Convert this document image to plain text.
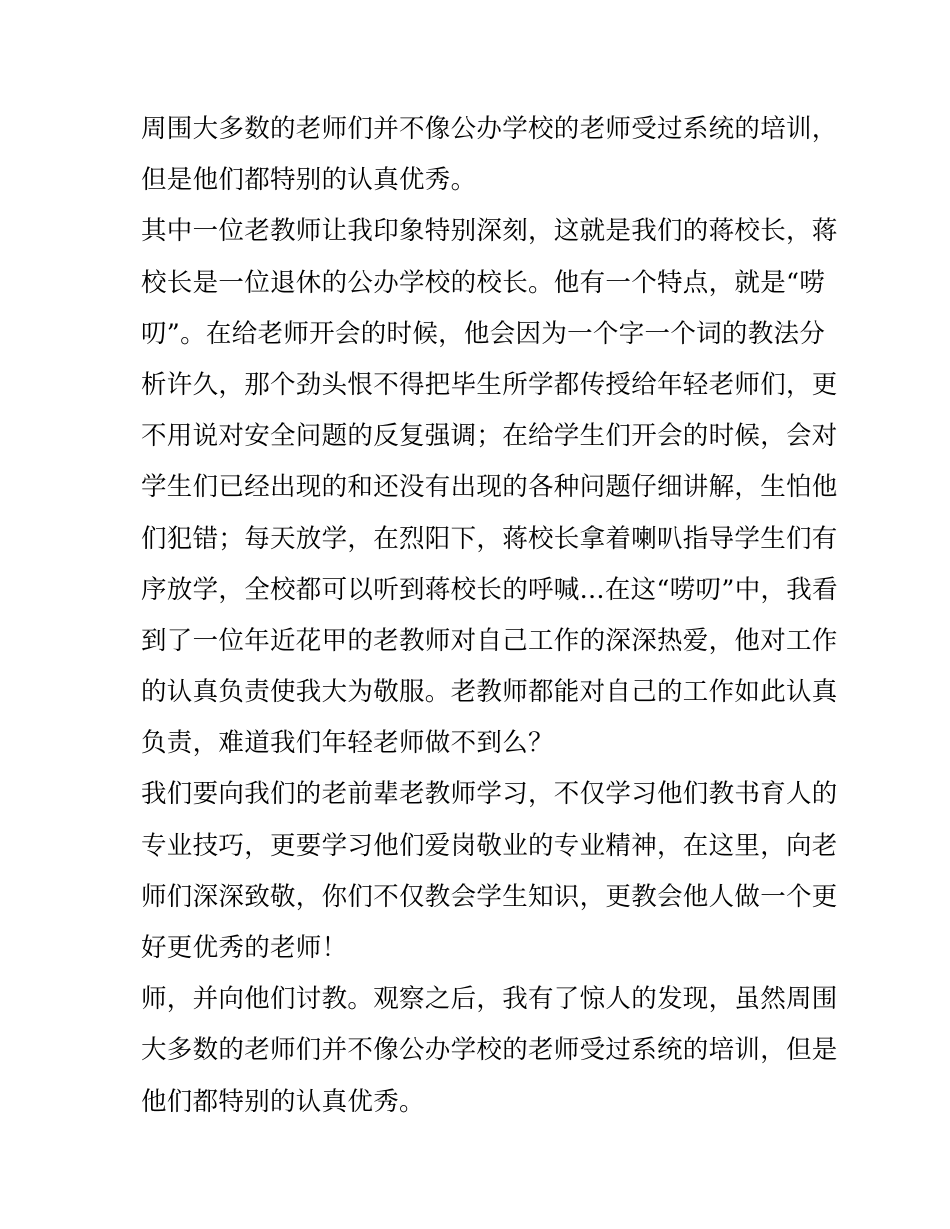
周围大多数的老师们并不像公办学校的老师受过系统的培训，
但是他们都特别的认真优秀。
其中一位老教师让我印象特别深刻，这就是我们的蒋校长，蒋
校长是一位退休的公办学校的校长。他有一个特点，就是“唠
叨”。在给老师开会的时候，他会因为一个字一个词的教法分
析许久，那个劲头恨不得把毕生所学都传授给年轻老师们，更
不用说对安全问题的反复强调；在给学生们开会的时候，会对
学生们已经出现的和还没有出现的各种问题仔细讲解，生怕他
们犯错；每天放学，在烈阳下，蒋校长拿着喇叭指导学生们有
序放学，全校都可以听到蒋校长的呼喊...在这“唠叨”中，我看
到了一位年近花甲的老教师对自己工作的深深热爱，他对工作
的认真负责使我大为敬服。老教师都能对自己的工作如此认真
负责，难道我们年轻老师做不到么？
我们要向我们的老前辈老教师学习，不仅学习他们教书育人的
专业技巧，更要学习他们爱岗敬业的专业精神，在这里，向老
师们深深致敬，你们不仅教会学生知识，更教会他人做一个更
好更优秀的老师！
师，并向他们讨教。观察之后，我有了惊人的发现，虽然周围
大多数的老师们并不像公办学校的老师受过系统的培训，但是
他们都特别的认真优秀。
